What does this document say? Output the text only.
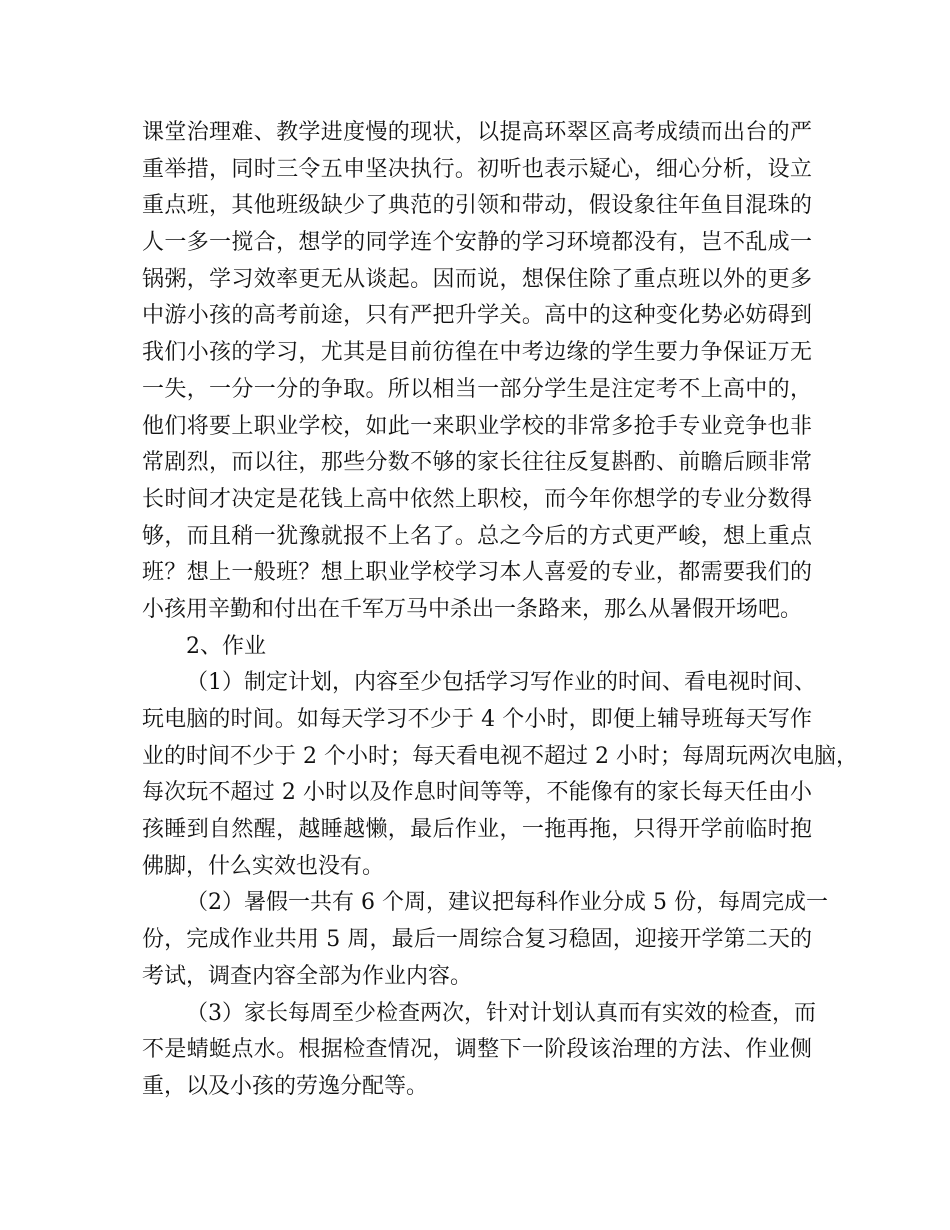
课堂治理难、教学进度慢的现状，以提高环翠区高考成绩而出台的严
重举措，同时三令五申坚决执行。初听也表示疑心，细心分析，设立
重点班，其他班级缺少了典范的引领和带动，假设象往年鱼目混珠的
人一多一搅合，想学的同学连个安静的学习环境都没有，岂不乱成一
锅粥，学习效率更无从谈起。因而说，想保住除了重点班以外的更多
中游小孩的高考前途，只有严把升学关。高中的这种变化势必妨碍到
我们小孩的学习，尤其是目前彷徨在中考边缘的学生要力争保证万无
一失，一分一分的争取。所以相当一部分学生是注定考不上高中的，
他们将要上职业学校，如此一来职业学校的非常多抢手专业竞争也非
常剧烈，而以往，那些分数不够的家长往往反复斟酌、前瞻后顾非常
长时间才决定是花钱上高中依然上职校，而今年你想学的专业分数得
够，而且稍一犹豫就报不上名了。总之今后的方式更严峻，想上重点
班？想上一般班？想上职业学校学习本人喜爱的专业，都需要我们的
小孩用辛勤和付出在千军万马中杀出一条路来，那么从暑假开场吧。
2、作业
（1）制定计划，内容至少包括学习写作业的时间、看电视时间、
玩电脑的时间。如每天学习不少于 4 个小时，即便上辅导班每天写作
业的时间不少于 2 个小时；每天看电视不超过 2 小时；每周玩两次电脑，
每次玩不超过 2 小时以及作息时间等等，不能像有的家长每天任由小
孩睡到自然醒，越睡越懒，最后作业，一拖再拖，只得开学前临时抱
佛脚，什么实效也没有。
（2）暑假一共有 6 个周，建议把每科作业分成 5 份，每周完成一
份，完成作业共用 5 周，最后一周综合复习稳固，迎接开学第二天的
考试，调查内容全部为作业内容。
（3）家长每周至少检查两次，针对计划认真而有实效的检查，而
不是蜻蜓点水。根据检查情况，调整下一阶段该治理的方法、作业侧
重，以及小孩的劳逸分配等。
